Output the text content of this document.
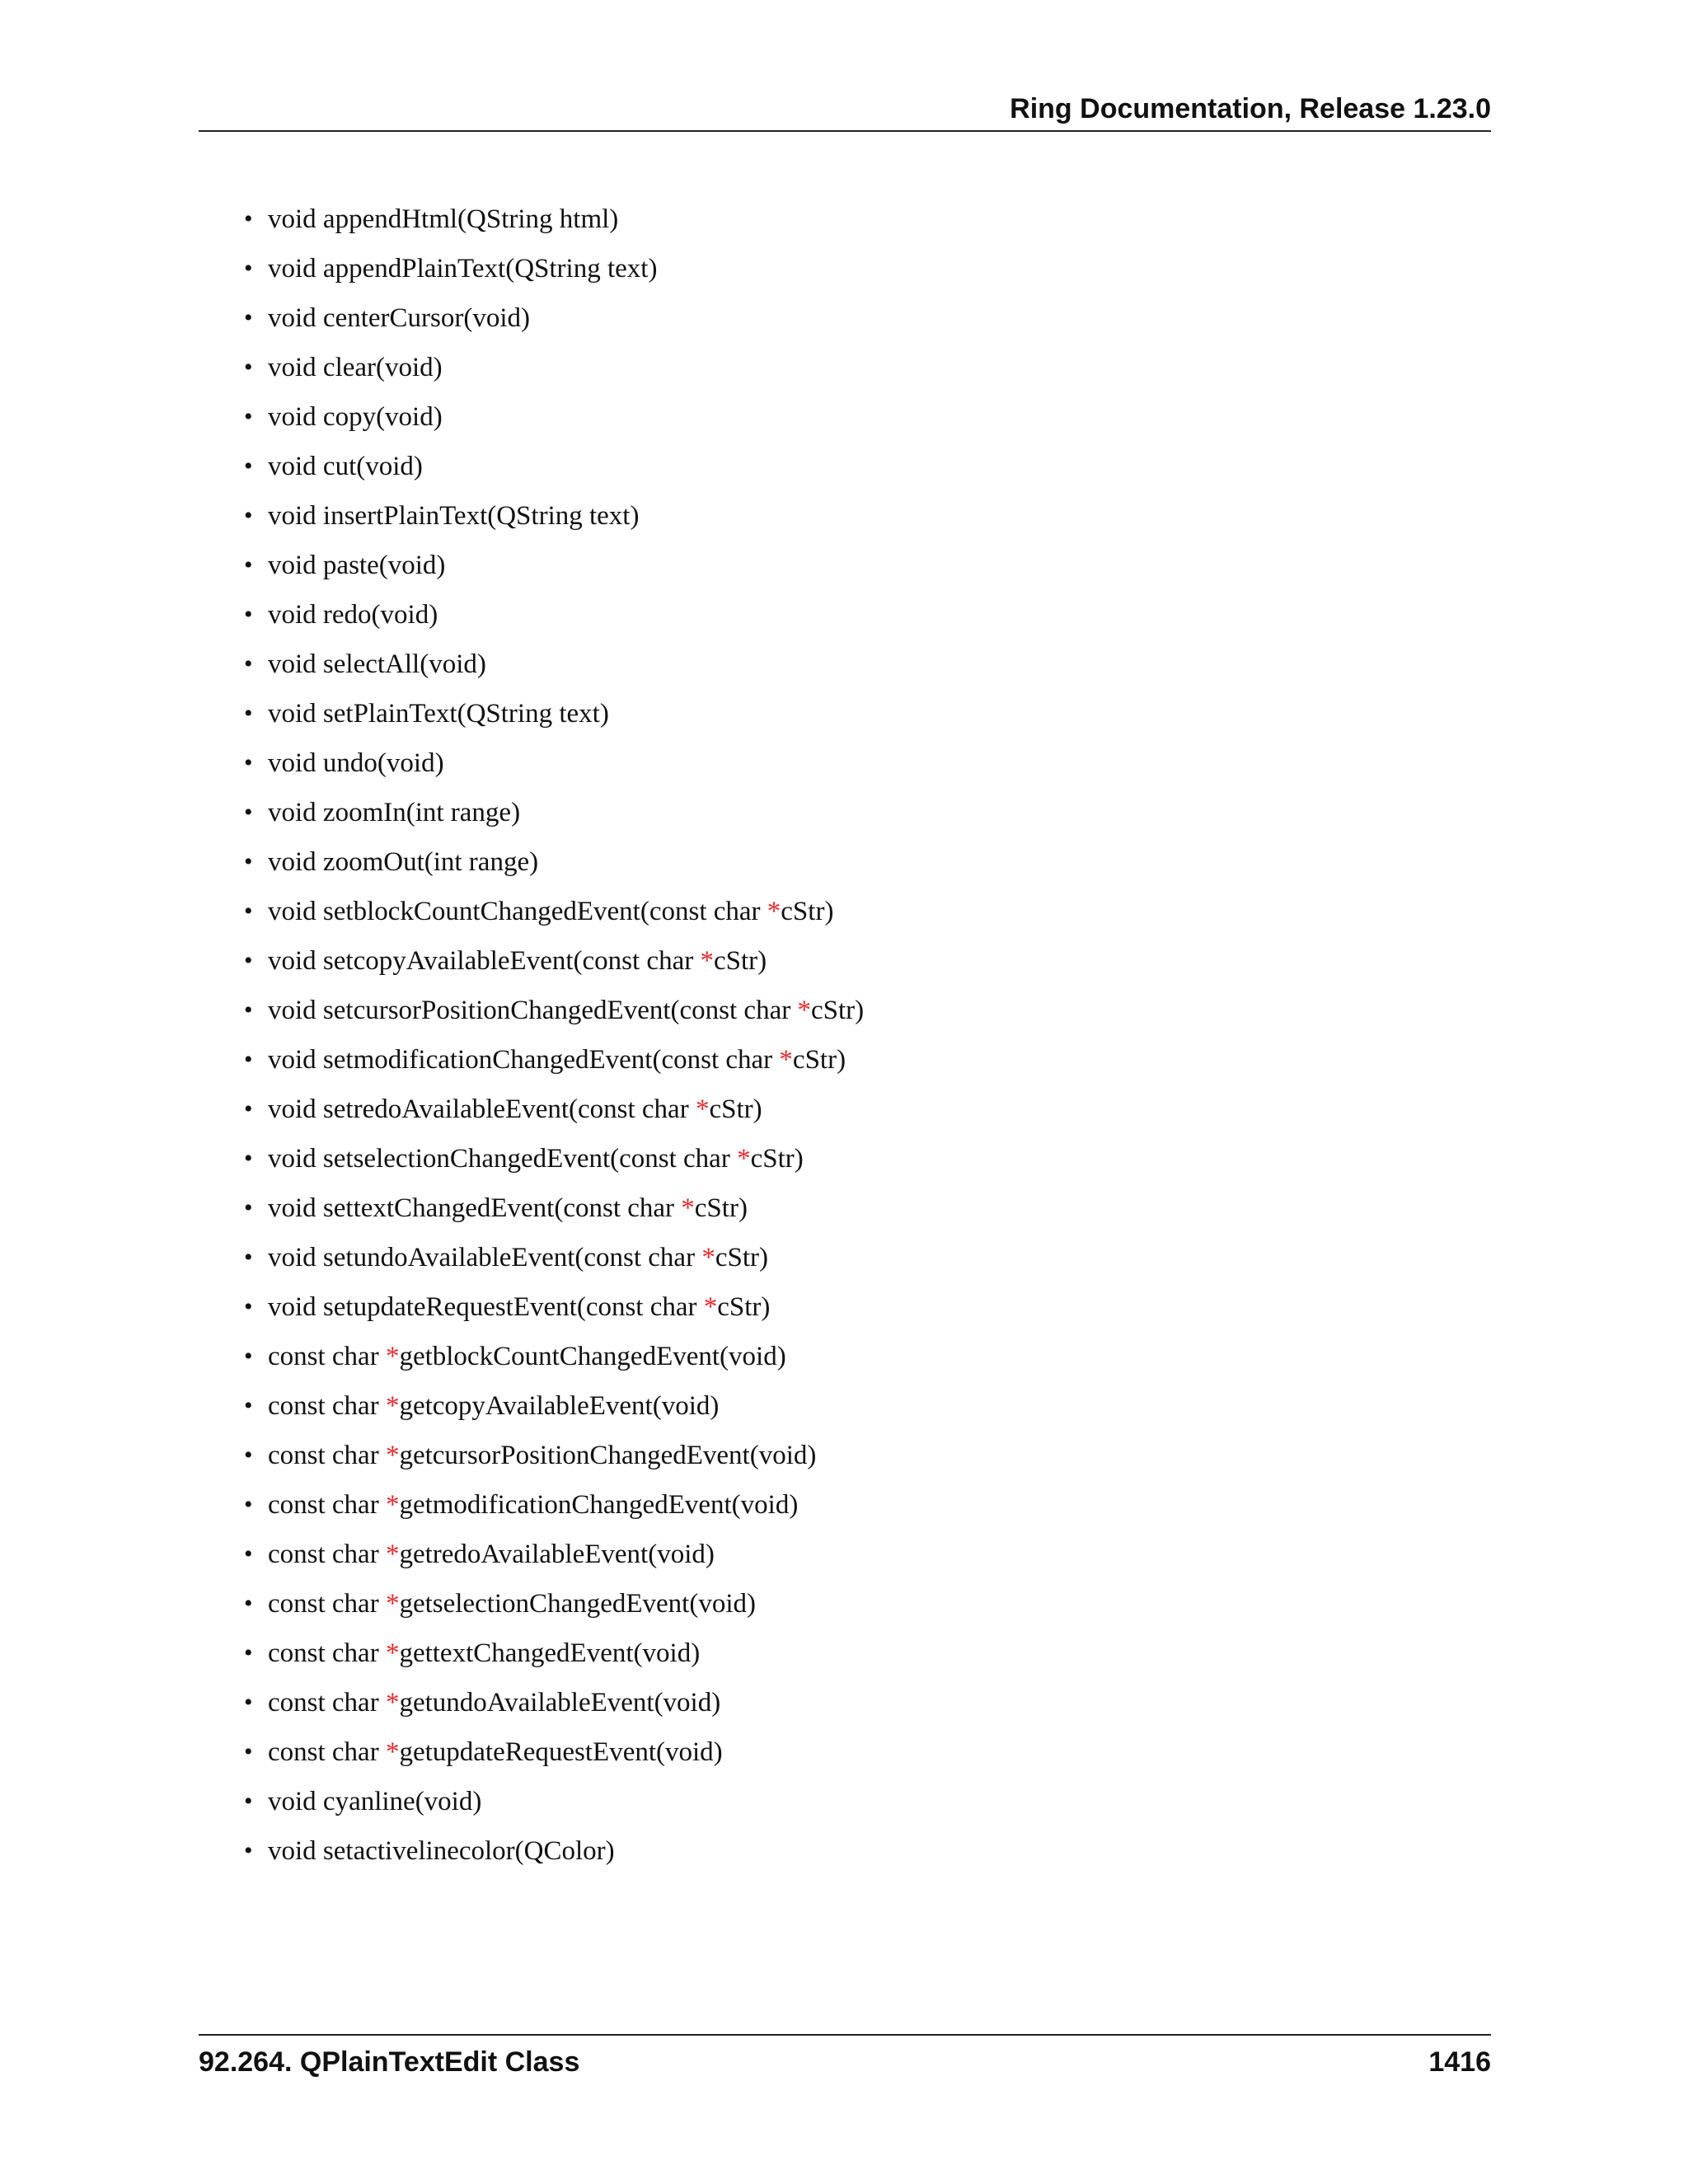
Ring Documentation, Release 1.23.0
• void appendHtml(QString html)
• void appendPlainText(QString text)
• void centerCursor(void)
• void clear(void)
• void copy(void)
• void cut(void)
• void insertPlainText(QString text)
• void paste(void)
• void redo(void)
• void selectAll(void)
• void setPlainText(QString text)
• void undo(void)
• void zoomIn(int range)
• void zoomOut(int range)
• void setblockCountChangedEvent(const char *cStr)
• void setcopyAvailableEvent(const char *cStr)
• void setcursorPositionChangedEvent(const char *cStr)
• void setmodificationChangedEvent(const char *cStr)
• void setredoAvailableEvent(const char *cStr)
• void setselectionChangedEvent(const char *cStr)
• void settextChangedEvent(const char *cStr)
• void setundoAvailableEvent(const char *cStr)
• void setupdateRequestEvent(const char *cStr)
• const char *getblockCountChangedEvent(void)
• const char *getcopyAvailableEvent(void)
• const char *getcursorPositionChangedEvent(void)
• const char *getmodificationChangedEvent(void)
• const char *getredoAvailableEvent(void)
• const char *getselectionChangedEvent(void)
• const char *gettextChangedEvent(void)
• const char *getundoAvailableEvent(void)
• const char *getupdateRequestEvent(void)
• void cyanline(void)
• void setactivelinecolor(QColor)
92.264. QPlainTextEdit Class	1416
